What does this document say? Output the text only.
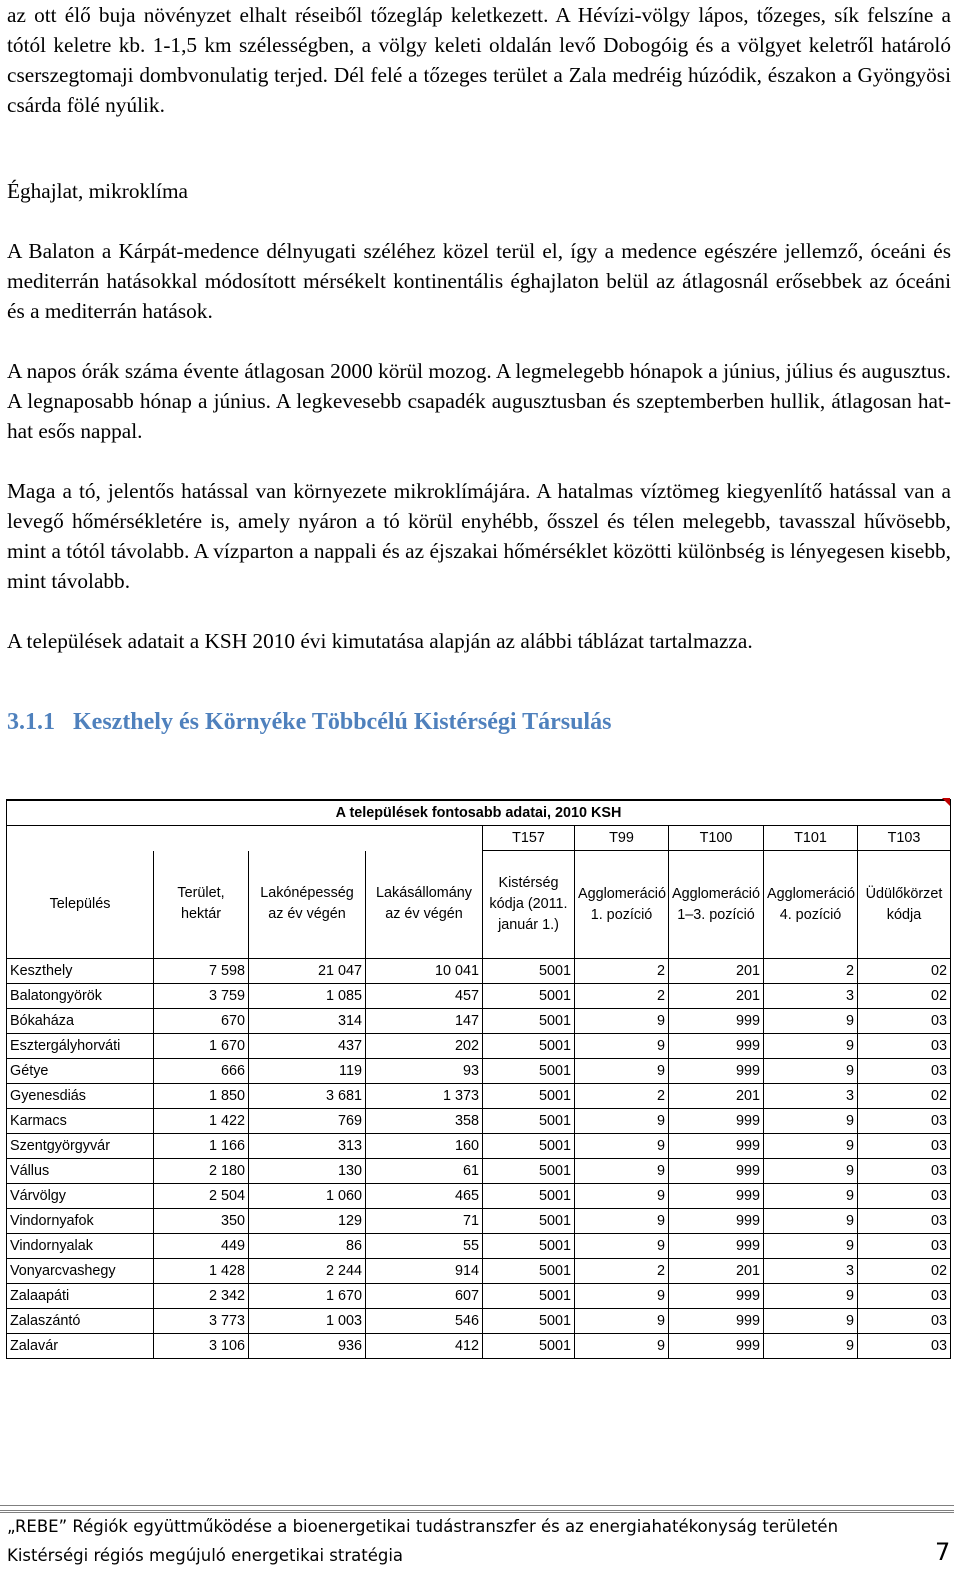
az ott élő buja növényzet elhalt réseiből tőzegláp keletkezett. A Hévízi-völgy lápos, tőzeges, sík felszíne a tótól keletre kb. 1-1,5 km szélességben, a völgy keleti oldalán levő Dobogóig és a völgyet keletről határoló cserszegtomaji dombvonulatig terjed. Dél felé a tőzeges terület a Zala medréig húzódik, északon a Gyöngyösi csárda fölé nyúlik.

Éghajlat, mikroklíma

A Balaton a Kárpát-medence délnyugati széléhez közel terül el, így a medence egészére jellemző, óceáni és mediterrán hatásokkal módosított mérsékelt kontinentális éghajlaton belül az átlagosnál erősebbek az óceáni és a mediterrán hatások.

A napos órák száma évente átlagosan 2000 körül mozog. A legmelegebb hónapok a június, július és augusztus. A legnaposabb hónap a június. A legkevesebb csapadék augusztusban és szeptemberben hullik, átlagosan hat-hat esős nappal.

Maga a tó, jelentős hatással van környezete mikroklímájára. A hatalmas víztömeg kiegyenlítő hatással van a levegő hőmérsékletére is, amely nyáron a tó körül enyhébb, ősszel és télen melegebb, tavasszal hűvösebb, mint a tótól távolabb. A vízparton a nappali és az éjszakai hőmérséklet közötti különbség is lényegesen kisebb, mint távolabb.

A települések adatait a KSH 2010 évi kimutatása alapján az alábbi táblázat tartalmazza.

3.1.1 Keszthely és Környéke Többcélú Kistérségi Társulás
A települések fontosabb adatai, 2010 KSH								
				T157	T99	T100	T101	T103
Település	Terület, hektár	Lakónépesség az év végén	Lakásállomány az év végén	Kistérség kódja (2011. január 1.)	Agglomeráció 1. pozíció	Agglomeráció 1–3. pozíció	Agglomeráció 4. pozíció	Üdülőkörzet kódja
Keszthely	7 598	21 047	10 041	5001	2	201	2	02
Balatongyörök	3 759	1 085	457	5001	2	201	3	02
Bókaháza	670	314	147	5001	9	999	9	03
Esztergályhorváti	1 670	437	202	5001	9	999	9	03
Gétye	666	119	93	5001	9	999	9	03
Gyenesdiás	1 850	3 681	1 373	5001	2	201	3	02
Karmacs	1 422	769	358	5001	9	999	9	03
Szentgyörgyvár	1 166	313	160	5001	9	999	9	03
Vállus	2 180	130	61	5001	9	999	9	03
Várvölgy	2 504	1 060	465	5001	9	999	9	03
Vindornyafok	350	129	71	5001	9	999	9	03
Vindornyalak	449	86	55	5001	9	999	9	03
Vonyarcvashegy	1 428	2 244	914	5001	2	201	3	02
Zalaapáti	2 342	1 670	607	5001	9	999	9	03
Zalaszántó	3 773	1 003	546	5001	9	999	9	03
Zalavár	3 106	936	412	5001	9	999	9	03
„REBE” Régiók együttműködése a bioenergetikai tudástranszfer és az energiahatékonyság területén
Kistérségi régiós megújuló energetikai stratégia	7
